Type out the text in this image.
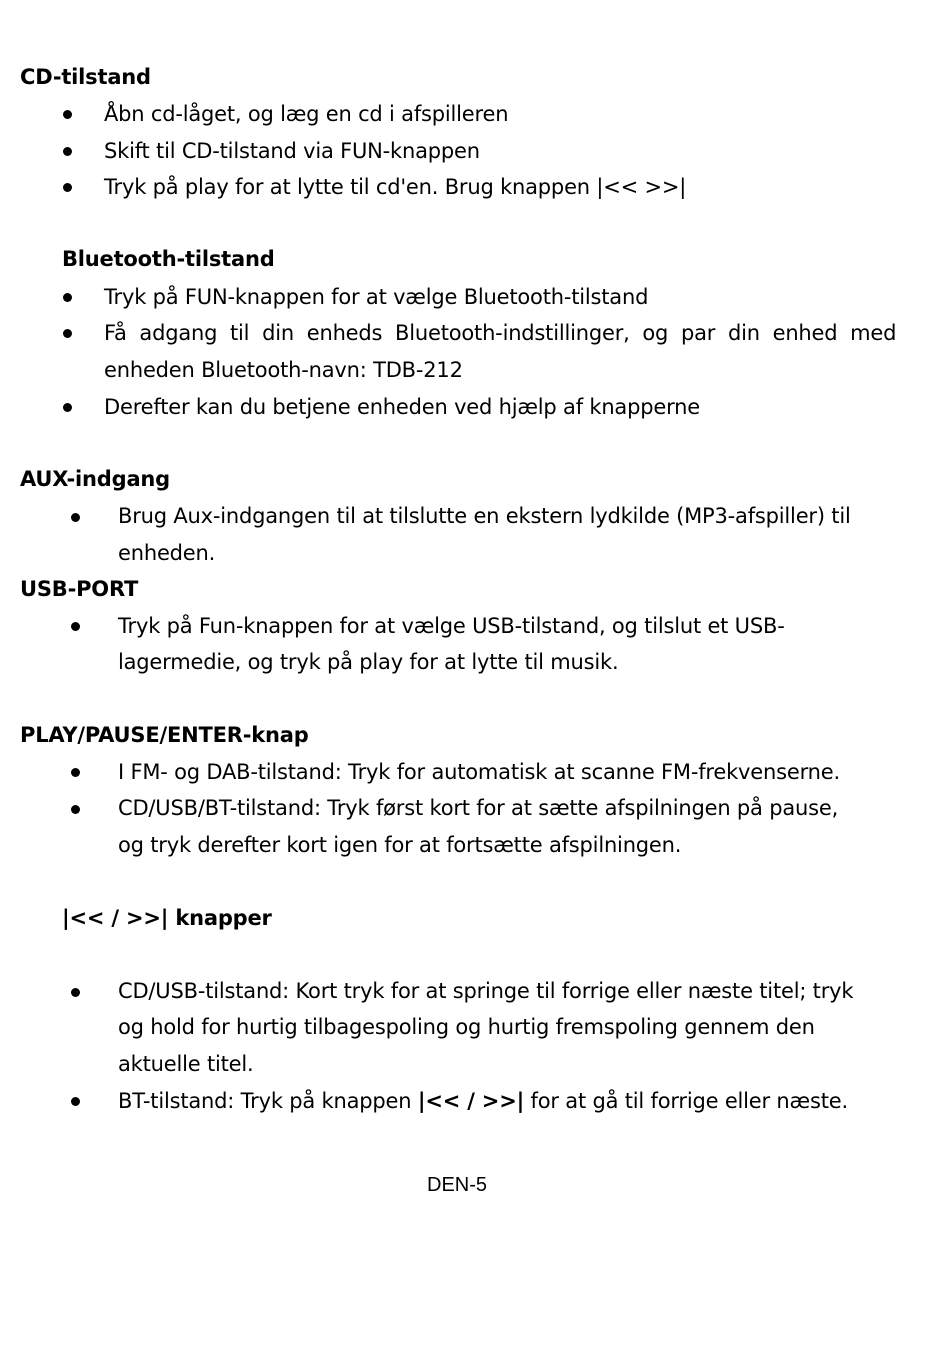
CD-tilstand
Åbn cd-låget, og læg en cd i afspilleren
Skift til CD-tilstand via FUN-knappen
Tryk på play for at lytte til cd'en. Brug knappen |<< >>|
Bluetooth-tilstand
Tryk på FUN-knappen for at vælge Bluetooth-tilstand
Få adgang til din enheds Bluetooth-indstillinger, og par din enhed med
enheden Bluetooth-navn: TDB-212
Derefter kan du betjene enheden ved hjælp af knapperne
AUX-indgang
Brug Aux-indgangen til at tilslutte en ekstern lydkilde (MP3-afspiller) til
enheden.
USB-PORT
Tryk på Fun-knappen for at vælge USB-tilstand, og tilslut et USB-
lagermedie, og tryk på play for at lytte til musik.
PLAY/PAUSE/ENTER-knap
I FM- og DAB-tilstand: Tryk for automatisk at scanne FM-frekvenserne.
CD/USB/BT-tilstand: Tryk først kort for at sætte afspilningen på pause,
og tryk derefter kort igen for at fortsætte afspilningen.
|<< / >>| knapper
CD/USB-tilstand: Kort tryk for at springe til forrige eller næste titel; tryk
og hold for hurtig tilbagespoling og hurtig fremspoling gennem den
aktuelle titel.
BT-tilstand: Tryk på knappen |<< / >>| for at gå til forrige eller næste.
DEN-5
